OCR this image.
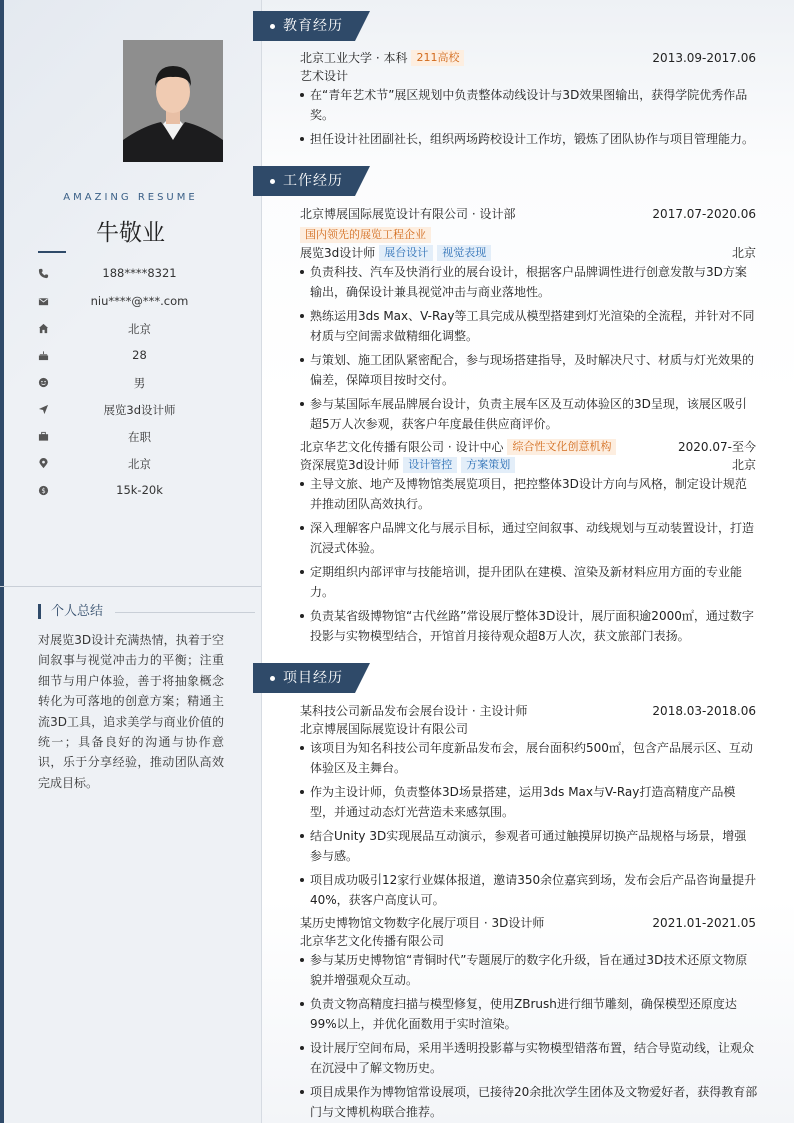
AMAZING RESUME
牛敬业
188****8321
niu****@***.com
北京
28
男
展览3d设计师
在职
北京
$	15k-20k
个人总结
对展览3D设计充满热情，执着于空间叙事与视觉冲击力的平衡；注重细节与用户体验，善于将抽象概念转化为可落地的创意方案；精通主流3D工具，追求美学与商业价值的统一；具备良好的沟通与协作意识，乐于分享经验，推动团队高效完成目标。
教育经历
北京工业大学 · 本科 211高校	2013.09-2017.06
艺术设计
在“青年艺术节”展区规划中负责整体动线设计与3D效果图输出，获得学院优秀作品奖。
担任设计社团副社长，组织两场跨校设计工作坊，锻炼了团队协作与项目管理能力。
工作经历
北京博展国际展览设计有限公司 · 设计部	2017.07-2020.06
国内领先的展览工程企业
展览3d设计师 展台设计 视觉表现	北京
负责科技、汽车及快消行业的展台设计，根据客户品牌调性进行创意发散与3D方案输出，确保设计兼具视觉冲击与商业落地性。
熟练运用3ds Max、V-Ray等工具完成从模型搭建到灯光渲染的全流程，并针对不同材质与空间需求做精细化调整。
与策划、施工团队紧密配合，参与现场搭建指导，及时解决尺寸、材质与灯光效果的偏差，保障项目按时交付。
参与某国际车展品牌展台设计，负责主展车区及互动体验区的3D呈现，该展区吸引超5万人次参观，获客户年度最佳供应商评价。
北京华艺文化传播有限公司 · 设计中心 综合性文化创意机构	2020.07-至今
资深展览3d设计师 设计管控 方案策划	北京
主导文旅、地产及博物馆类展览项目，把控整体3D设计方向与风格，制定设计规范并推动团队高效执行。
深入理解客户品牌文化与展示目标，通过空间叙事、动线规划与互动装置设计，打造沉浸式体验。
定期组织内部评审与技能培训，提升团队在建模、渲染及新材料应用方面的专业能力。
负责某省级博物馆“古代丝路”常设展厅整体3D设计，展厅面积逾2000㎡，通过数字投影与实物模型结合，开馆首月接待观众超8万人次，获文旅部门表扬。
项目经历
某科技公司新品发布会展台设计 · 主设计师	2018.03-2018.06
北京博展国际展览设计有限公司
该项目为知名科技公司年度新品发布会，展台面积约500㎡，包含产品展示区、互动体验区及主舞台。
作为主设计师，负责整体3D场景搭建，运用3ds Max与V-Ray打造高精度产品模型，并通过动态灯光营造未来感氛围。
结合Unity 3D实现展品互动演示，参观者可通过触摸屏切换产品规格与场景，增强参与感。
项目成功吸引12家行业媒体报道，邀请350余位嘉宾到场，发布会后产品咨询量提升40%，获客户高度认可。
某历史博物馆文物数字化展厅项目 · 3D设计师	2021.01-2021.05
北京华艺文化传播有限公司
参与某历史博物馆“青铜时代”专题展厅的数字化升级，旨在通过3D技术还原文物原貌并增强观众互动。
负责文物高精度扫描与模型修复，使用ZBrush进行细节雕刻，确保模型还原度达99%以上，并优化面数用于实时渲染。
设计展厅空间布局，采用半透明投影幕与实物模型错落布置，结合导览动线，让观众在沉浸中了解文物历史。
项目成果作为博物馆常设展项，已接待20余批次学生团体及文物爱好者，获得教育部门与文博机构联合推荐。
